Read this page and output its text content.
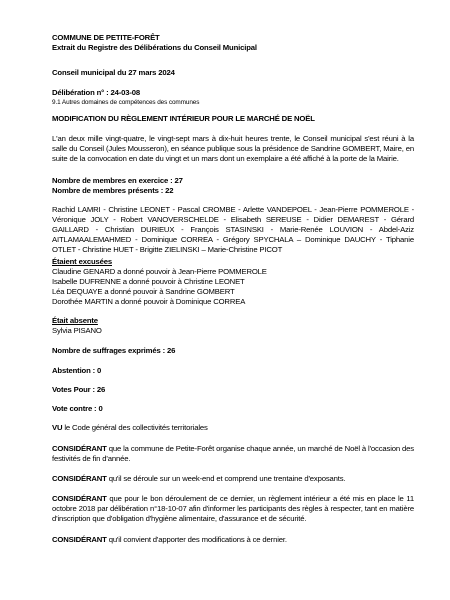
COMMUNE DE PETITE-FORÊT
Extrait du Registre des Délibérations du Conseil Municipal
Conseil municipal du 27 mars 2024
Délibération n° : 24-03-08
9.1 Autres domaines de compétences des communes
MODIFICATION DU RÈGLEMENT INTÉRIEUR POUR LE MARCHÉ DE NOËL
L'an deux mille vingt-quatre, le vingt-sept mars à dix-huit heures trente, le Conseil municipal s'est réuni à la salle du Conseil (Jules Mousseron), en séance publique sous la présidence de Sandrine GOMBERT, Maire, en suite de la convocation en date du vingt et un mars dont un exemplaire a été affiché à la porte de la Mairie.
Nombre de membres en exercice : 27
Nombre de membres présents : 22
Rachid LAMRI - Christine LEONET - Pascal CROMBE - Arlette VANDEPOEL - Jean-Pierre POMMEROLE - Véronique JOLY - Robert VANOVERSCHELDE - Elisabeth SEREUSE - Didier DEMAREST - Gérard GAILLARD - Christian DURIEUX - François STASINSKI - Marie-Renée LOUVION - Abdel-Aziz AITLAMAALEMAHMED - Dominique CORREA - Grégory SPYCHALA – Dominique DAUCHY - Tiphanie OTLET - Christine HUET - Brigitte ZIELINSKI – Marie-Christine PICOT
Étaient excusées
Claudine GENARD a donné pouvoir à Jean-Pierre POMMEROLE
Isabelle DUFRENNE a donné pouvoir à Christine LEONET
Léa DEQUAYE a donné pouvoir à Sandrine GOMBERT
Dorothée MARTIN a donné pouvoir à Dominique CORREA
Était absente
Sylvia PISANO
Nombre de suffrages exprimés : 26
Abstention : 0
Votes Pour : 26
Vote contre : 0
VU le Code général des collectivités territoriales
CONSIDÉRANT que la commune de Petite-Forêt organise chaque année, un marché de Noël à l'occasion des festivités de fin d'année.
CONSIDÉRANT qu'il se déroule sur un week-end et comprend une trentaine d'exposants.
CONSIDÉRANT que pour le bon déroulement de ce dernier, un règlement intérieur a été mis en place le 11 octobre 2018 par délibération n°18-10-07 afin d'informer les participants des règles à respecter, tant en matière d'inscription que d'obligation d'hygiène alimentaire, d'assurance et de sécurité.
CONSIDÉRANT qu'il convient d'apporter des modifications à ce dernier.
